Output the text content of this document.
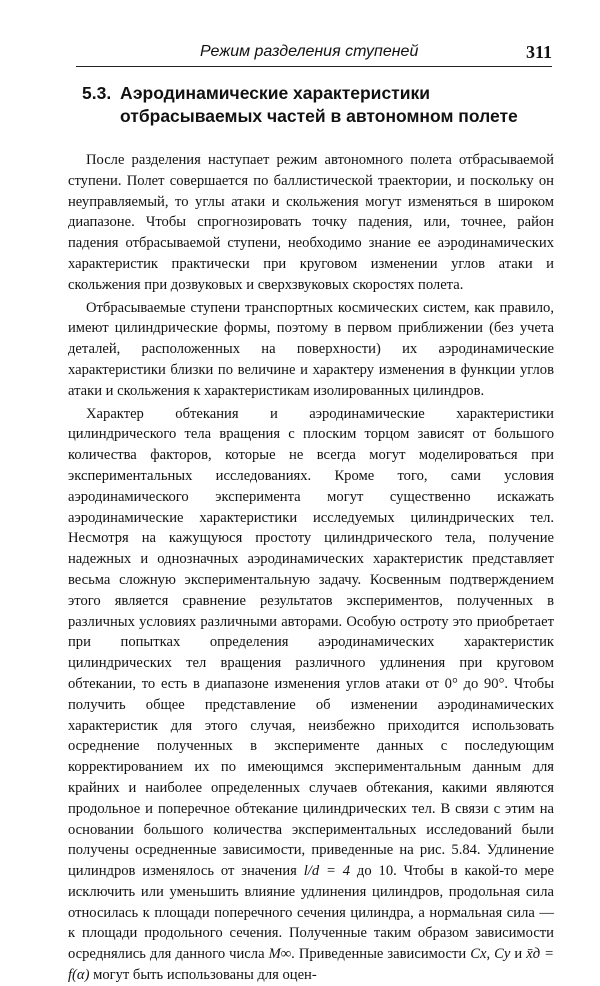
Режим разделения ступеней	311
5.3. Аэродинамические характеристики
отбрасываемых частей в автономном полете

После разделения наступает режим автономного полета отбрасываемой ступени. Полет совершается по баллистической траектории, и поскольку он неуправляемый, то углы атаки и скольжения могут изменяться в широком диапазоне. Чтобы спрогнозировать точку падения, или, точнее, район падения отбрасываемой ступени, необходимо знание ее аэродинамических характеристик практически при круговом изменении углов атаки и скольжения при дозвуковых и сверхзвуковых скоростях полета.

Отбрасываемые ступени транспортных космических систем, как правило, имеют цилиндрические формы, поэтому в первом приближении (без учета деталей, расположенных на поверхности) их аэродинамические характеристики близки по величине и характеру изменения в функции углов атаки и скольжения к характеристикам изолированных цилиндров.

Характер обтекания и аэродинамические характеристики цилиндрического тела вращения с плоским торцом зависят от большого количества факторов, которые не всегда могут моделироваться при экспериментальных исследованиях. Кроме того, сами условия аэродинамического эксперимента могут существенно искажать аэродинамические характеристики исследуемых цилиндрических тел. Несмотря на кажущуюся простоту цилиндрического тела, получение надежных и однозначных аэродинамических характеристик представляет весьма сложную экспериментальную задачу. Косвенным подтверждением этого является сравнение результатов экспериментов, полученных в различных условиях различными авторами. Особую остроту это приобретает при попытках определения аэродинамических характеристик цилиндрических тел вращения различного удлинения при круговом обтекании, то есть в диапазоне изменения углов атаки от 0° до 90°. Чтобы получить общее представление об изменении аэродинамических характеристик для этого случая, неизбежно приходится использовать осреднение полученных в эксперименте данных с последующим корректированием их по имеющимся экспериментальным данным для крайних и наиболее определенных случаев обтекания, какими являются продольное и поперечное обтекание цилиндрических тел. В связи с этим на основании большого количества экспериментальных исследований были получены осредненные зависимости, приведенные на рис. 5.84. Удлинение цилиндров изменялось от значения l/d = 4 до 10. Чтобы в какой-то мере исключить или уменьшить влияние удлинения цилиндров, продольная сила относилась к площади поперечного сечения цилиндра, а нормальная сила — к площади продольного сечения. Полученные таким образом зависимости осреднялись для данного числа M∞. Приведенные зависимости Cx, Cy и x̄д = f(α) могут быть использованы для оцен-
